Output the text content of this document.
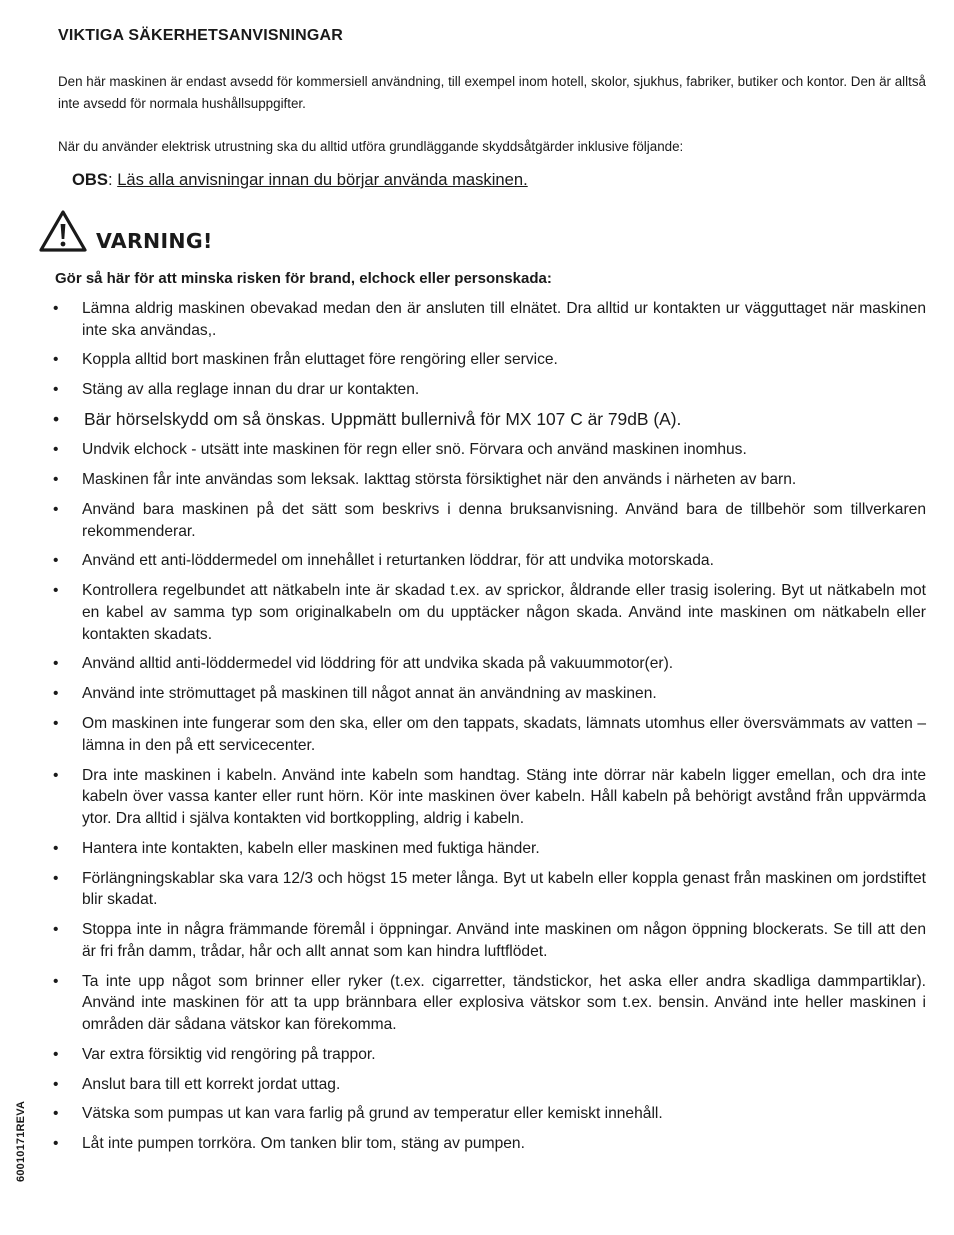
VIKTIGA SÄKERHETSANVISNINGAR
Den här maskinen är endast avsedd för kommersiell användning, till exempel inom hotell, skolor, sjukhus, fabriker, butiker och kontor. Den är alltså inte avsedd för normala hushållsuppgifter.
När du använder elektrisk utrustning ska du alltid utföra grundläggande skyddsåtgärder inklusive följande:
OBS: Läs alla anvisningar innan du börjar använda maskinen.
VARNING!
Gör så här för att minska risken för brand, elchock eller personskada:
• Lämna aldrig maskinen obevakad medan den är ansluten till elnätet. Dra alltid ur kontakten ur vägguttaget när maskinen inte ska användas,.
• Koppla alltid bort maskinen från eluttaget före rengöring eller service.
• Stäng av alla reglage innan du drar ur kontakten.
• Bär hörselskydd om så önskas. Uppmätt bullernivå för MX 107 C är 79dB (A).
• Undvik elchock - utsätt inte maskinen för regn eller snö. Förvara och använd maskinen inomhus.
• Maskinen får inte användas som leksak. Iakttag största försiktighet när den används i närheten av barn.
• Använd bara maskinen på det sätt som beskrivs i denna bruksanvisning. Använd bara de tillbehör som tillverkaren rekommenderar.
• Använd ett anti-löddermedel om innehållet i returtanken löddrar, för att undvika motorskada.
• Kontrollera regelbundet att nätkabeln inte är skadad t.ex. av sprickor, åldrande eller trasig isolering. Byt ut nätkabeln mot en kabel av samma typ som originalkabeln om du upptäcker någon skada. Använd inte maskinen om nätkabeln eller kontakten skadats.
• Använd alltid anti-löddermedel vid löddring för att undvika skada på vakuummotor(er).
• Använd inte strömuttaget på maskinen till något annat än användning av maskinen.
• Om maskinen inte fungerar som den ska, eller om den tappats, skadats, lämnats utomhus eller översvämmats av vatten – lämna in den på ett servicecenter.
• Dra inte maskinen i kabeln. Använd inte kabeln som handtag. Stäng inte dörrar när kabeln ligger emellan, och dra inte kabeln över vassa kanter eller runt hörn. Kör inte maskinen över kabeln. Håll kabeln på behörigt avstånd från uppvärmda ytor. Dra alltid i själva kontakten vid bortkoppling, aldrig i kabeln.
• Hantera inte kontakten, kabeln eller maskinen med fuktiga händer.
• Förlängningskablar ska vara 12/3 och högst 15 meter långa. Byt ut kabeln eller koppla genast från maskinen om jordstiftet blir skadat.
• Stoppa inte in några främmande föremål i öppningar. Använd inte maskinen om någon öppning blockerats. Se till att den är fri från damm, trådar, hår och allt annat som kan hindra luftflödet.
• Ta inte upp något som brinner eller ryker (t.ex. cigarretter, tändstickor, het aska eller andra skadliga dammpartiklar). Använd inte maskinen för att ta upp brännbara eller explosiva vätskor som t.ex. bensin. Använd inte heller maskinen i områden där sådana vätskor kan förekomma.
• Var extra försiktig vid rengöring på trappor.
• Anslut bara till ett korrekt jordat uttag.
• Vätska som pumpas ut kan vara farlig på grund av temperatur eller kemiskt innehåll.
• Låt inte pumpen torrköra. Om tanken blir tom, stäng av pumpen.
60010171REVA
